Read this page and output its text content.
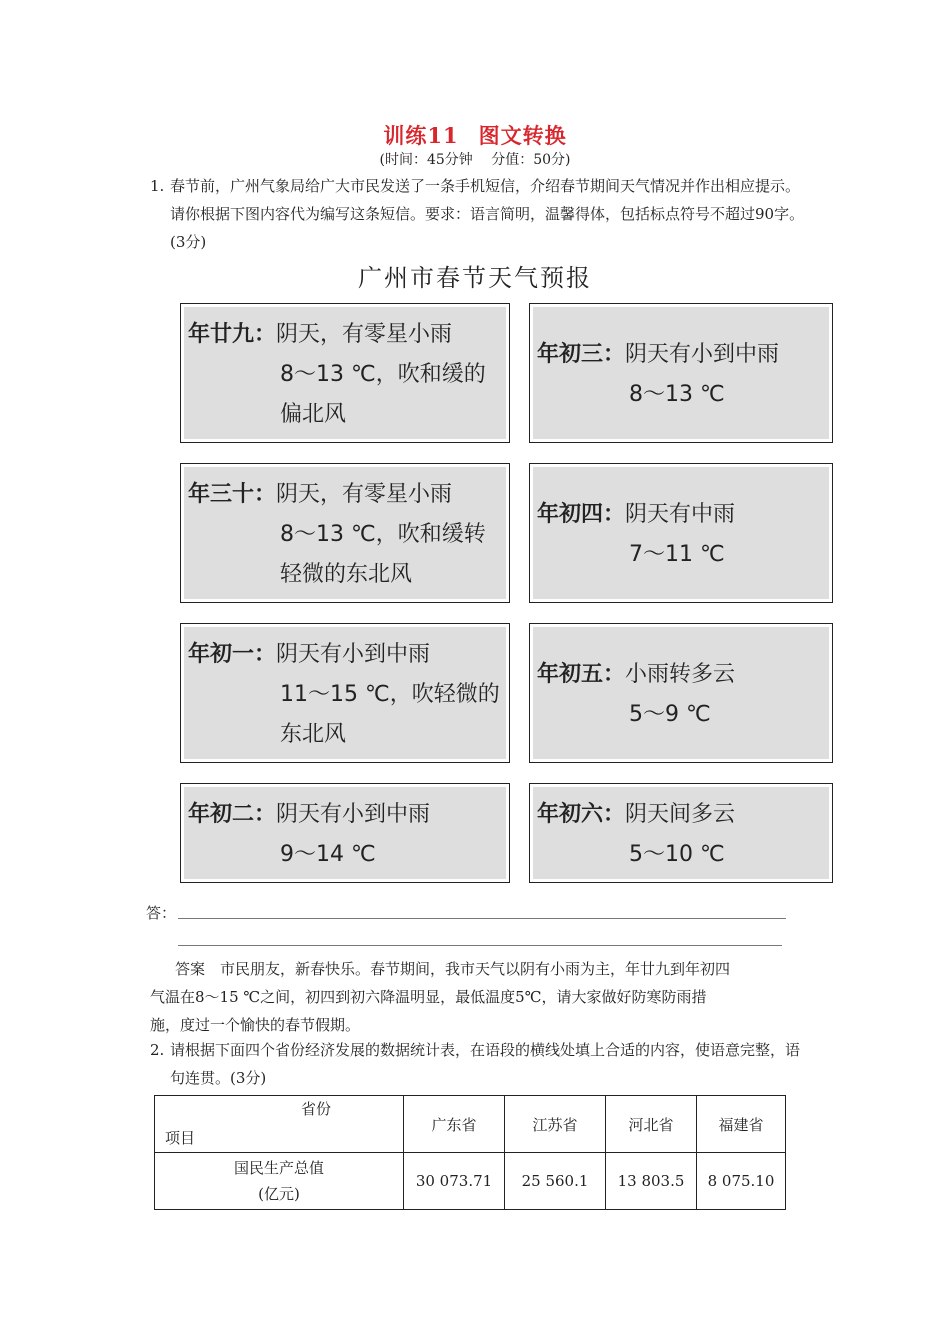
训练11 图文转换
(时间：45分钟　 分值：50分)
1. 春节前，广州气象局给广大市民发送了一条手机短信，介绍春节期间天气情况并作出相应提示。请你根据下图内容代为编写这条短信。要求：语言简明，温馨得体，包括标点符号不超过90字。(3分)
广州市春节天气预报
年廿九：阴天，有零星小雨
8～13 ℃，吹和缓的
偏北风
年三十：阴天，有零星小雨
8～13 ℃，吹和缓转
轻微的东北风
年初一：阴天有小到中雨
11～15 ℃，吹轻微的
东北风
年初二：阴天有小到中雨
9～14 ℃
年初三：阴天有小到中雨
8～13 ℃
年初四：阴天有中雨
7～11 ℃
年初五：小雨转多云
5～9 ℃
年初六：阴天间多云
5～10 ℃
答：
答案　市民朋友，新春快乐。春节期间，我市天气以阴有小雨为主，年廿九到年初四
气温在8～15 ℃之间，初四到初六降温明显，最低温度5℃，请大家做好防寒防雨措
施，度过一个愉快的春节假期。
2. 请根据下面四个省份经济发展的数据统计表，在语段的横线处填上合适的内容，使语意完整，语句连贯。(3分)
省份
项目	广东省	江苏省	河北省	福建省

国民生产总值
(亿元)	30 073.71	25 560.1	13 803.5	8 075.10
